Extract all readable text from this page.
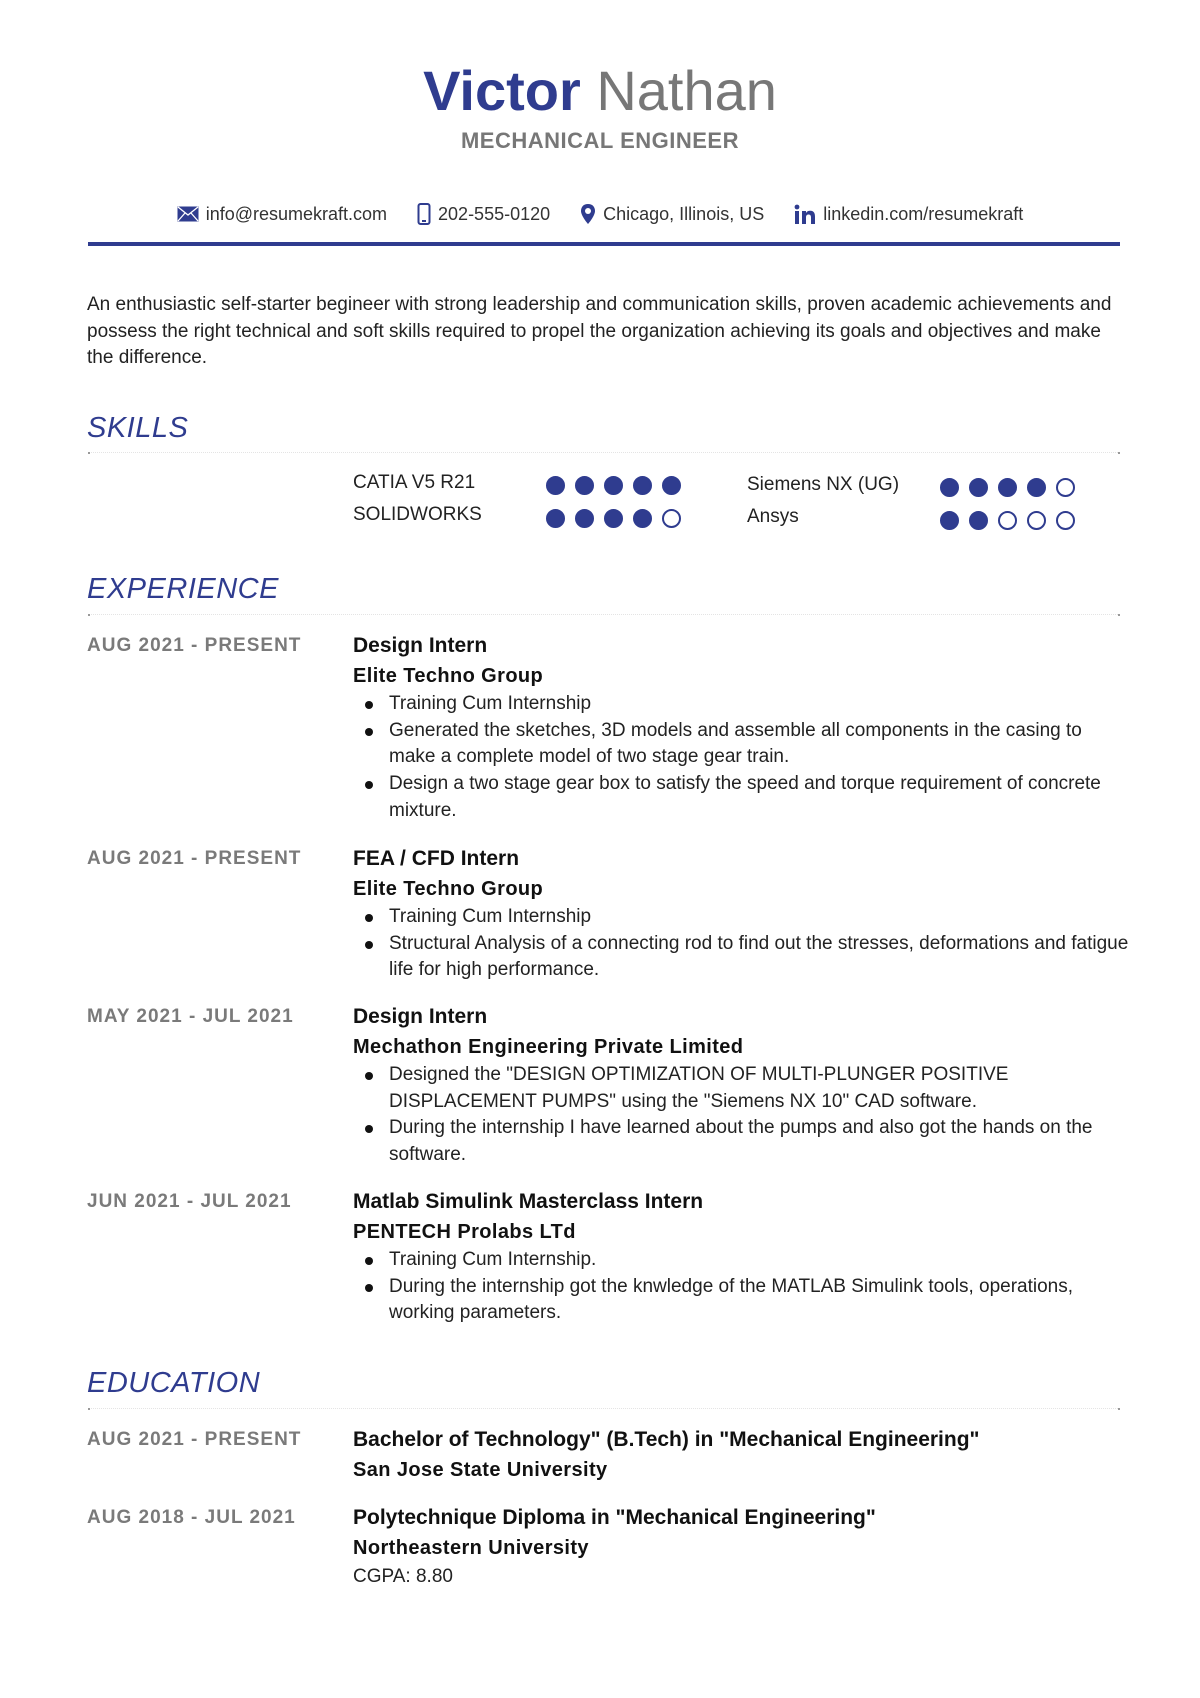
Victor Nathan
MECHANICAL ENGINEER
info@resumekraft.com	202-555-0120	Chicago, Illinois, US	linkedin.com/resumekraft
An enthusiastic self-starter begineer with strong leadership and communication skills, proven academic achievements and possess the right technical and soft skills required to propel the organization achieving its goals and objectives and make the difference.
SKILLS
CATIA V5 R21	Siemens NX (UG)
SOLIDWORKS	Ansys
EXPERIENCE
AUG 2021 - PRESENT Design Intern
Elite Techno Group
Training Cum Internship
Generated the sketches, 3D models and assemble all components in the casing to make a complete model of two stage gear train.
Design a two stage gear box to satisfy the speed and torque requirement of concrete mixture.
AUG 2021 - PRESENT FEA / CFD Intern
Elite Techno Group
Training Cum Internship
Structural Analysis of a connecting rod to find out the stresses, deformations and fatigue life for high performance.
MAY 2021 - JUL 2021	Design Intern
Mechathon Engineering Private Limited
Designed the "DESIGN OPTIMIZATION OF MULTI-PLUNGER POSITIVE DISPLACEMENT PUMPS" using the "Siemens NX 10" CAD software.
During the internship I have learned about the pumps and also got the hands on the software.
JUN 2021 - JUL 2021	Matlab Simulink Masterclass Intern
PENTECH Prolabs LTd
Training Cum Internship.
During the internship got the knwledge of the MATLAB Simulink tools, operations, working parameters.
EDUCATION
AUG 2021 - PRESENT Bachelor of Technology" (B.Tech) in "Mechanical Engineering"
San Jose State University
AUG 2018 - JUL 2021	Polytechnique Diploma in "Mechanical Engineering"
Northeastern University
CGPA: 8.80
